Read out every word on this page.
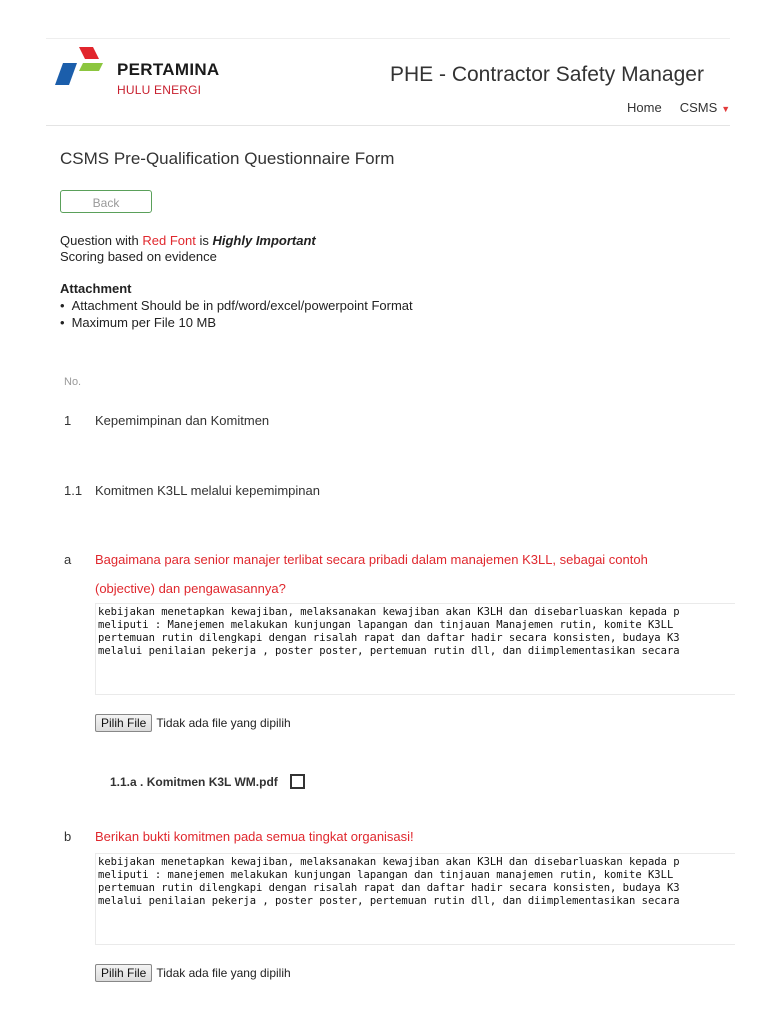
PERTAMINA
HULU ENERGI
PHE - Contractor Safety Manager
Home CSMS ▼
CSMS Pre-Qualification Questionnaire Form
Back
Question with Red Font is Highly Important
Scoring based on evidence
Attachment
• Attachment Should be in pdf/word/excel/powerpoint Format
• Maximum per File 10 MB
No.
1 Kepemimpinan dan Komitmen
1.1 Komitmen K3LL melalui kepemimpinan
a Bagaimana para senior manajer terlibat secara pribadi dalam manajemen K3LL, sebagai contoh
(objective) dan pengawasannya?
kebijakan menetapkan kewajiban, melaksanakan kewajiban akan K3LH dan disebarluaskan kepada p
meliputi : Manejemen melakukan kunjungan lapangan dan tinjauan Manajemen rutin, komite K3LL
pertemuan rutin dilengkapi dengan risalah rapat dan daftar hadir secara konsisten, budaya K3
melalui penilaian pekerja , poster poster, pertemuan rutin dll, dan diimplementasikan secara
Pilih File Tidak ada file yang dipilih
1.1.a . Komitmen K3L WM.pdf
b Berikan bukti komitmen pada semua tingkat organisasi!
kebijakan menetapkan kewajiban, melaksanakan kewajiban akan K3LH dan disebarluaskan kepada p
meliputi : manejemen melakukan kunjungan lapangan dan tinjauan manajemen rutin, komite K3LL
pertemuan rutin dilengkapi dengan risalah rapat dan daftar hadir secara konsisten, budaya K3
melalui penilaian pekerja , poster poster, pertemuan rutin dll, dan diimplementasikan secara
Pilih File Tidak ada file yang dipilih
